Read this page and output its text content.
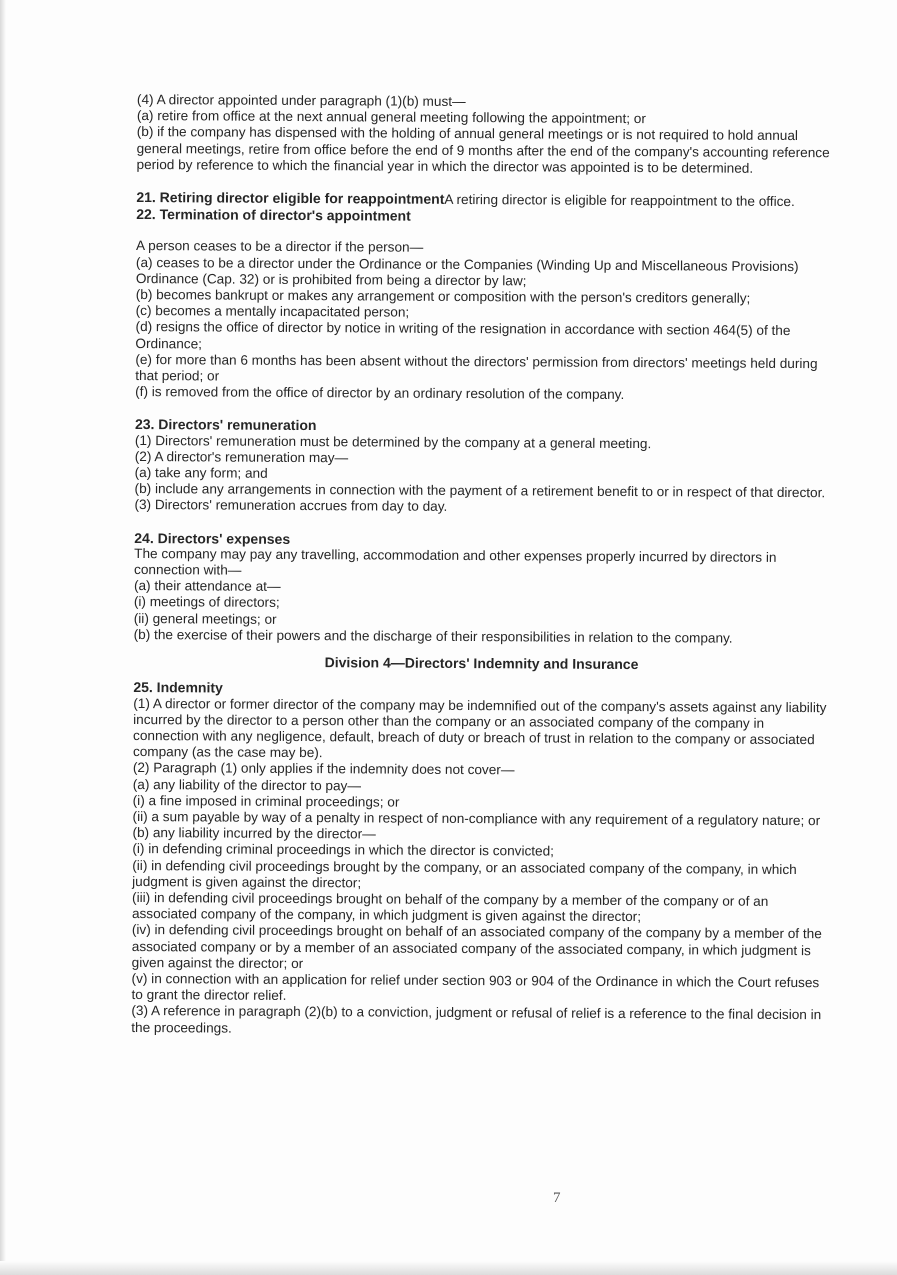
(4) A director appointed under paragraph (1)(b) must—

(a) retire from office at the next annual general meeting following the appointment; or

(b) if the company has dispensed with the holding of annual general meetings or is not required to hold annual general meetings, retire from office before the end of 9 months after the end of the company's accounting reference period by reference to which the financial year in which the director was appointed is to be determined.

21. Retiring director eligible for reappointmentA retiring director is eligible for reappointment to the office.

22. Termination of director's appointment

A person ceases to be a director if the person—

(a) ceases to be a director under the Ordinance or the Companies (Winding Up and Miscellaneous Provisions) Ordinance (Cap. 32) or is prohibited from being a director by law;

(b) becomes bankrupt or makes any arrangement or composition with the person's creditors generally;

(c) becomes a mentally incapacitated person;

(d) resigns the office of director by notice in writing of the resignation in accordance with section 464(5) of the Ordinance;

(e) for more than 6 months has been absent without the directors' permission from directors' meetings held during that period; or

(f) is removed from the office of director by an ordinary resolution of the company.

23. Directors' remuneration

(1) Directors' remuneration must be determined by the company at a general meeting.

(2) A director's remuneration may—

(a) take any form; and

(b) include any arrangements in connection with the payment of a retirement benefit to or in respect of that director.

(3) Directors' remuneration accrues from day to day.

24. Directors' expenses

The company may pay any travelling, accommodation and other expenses properly incurred by directors in connection with—

(a) their attendance at—

(i) meetings of directors;

(ii) general meetings; or

(b) the exercise of their powers and the discharge of their responsibilities in relation to the company.

Division 4—Directors' Indemnity and Insurance

25. Indemnity

(1) A director or former director of the company may be indemnified out of the company's assets against any liability incurred by the director to a person other than the company or an associated company of the company in connection with any negligence, default, breach of duty or breach of trust in relation to the company or associated company (as the case may be).

(2) Paragraph (1) only applies if the indemnity does not cover—

(a) any liability of the director to pay—

(i) a fine imposed in criminal proceedings; or

(ii) a sum payable by way of a penalty in respect of non-compliance with any requirement of a regulatory nature; or

(b) any liability incurred by the director—

(i) in defending criminal proceedings in which the director is convicted;

(ii) in defending civil proceedings brought by the company, or an associated company of the company, in which judgment is given against the director;

(iii) in defending civil proceedings brought on behalf of the company by a member of the company or of an associated company of the company, in which judgment is given against the director;

(iv) in defending civil proceedings brought on behalf of an associated company of the company by a member of the associated company or by a member of an associated company of the associated company, in which judgment is given against the director; or

(v) in connection with an application for relief under section 903 or 904 of the Ordinance in which the Court refuses to grant the director relief.

(3) A reference in paragraph (2)(b) to a conviction, judgment or refusal of relief is a reference to the final decision in the proceedings.

7
